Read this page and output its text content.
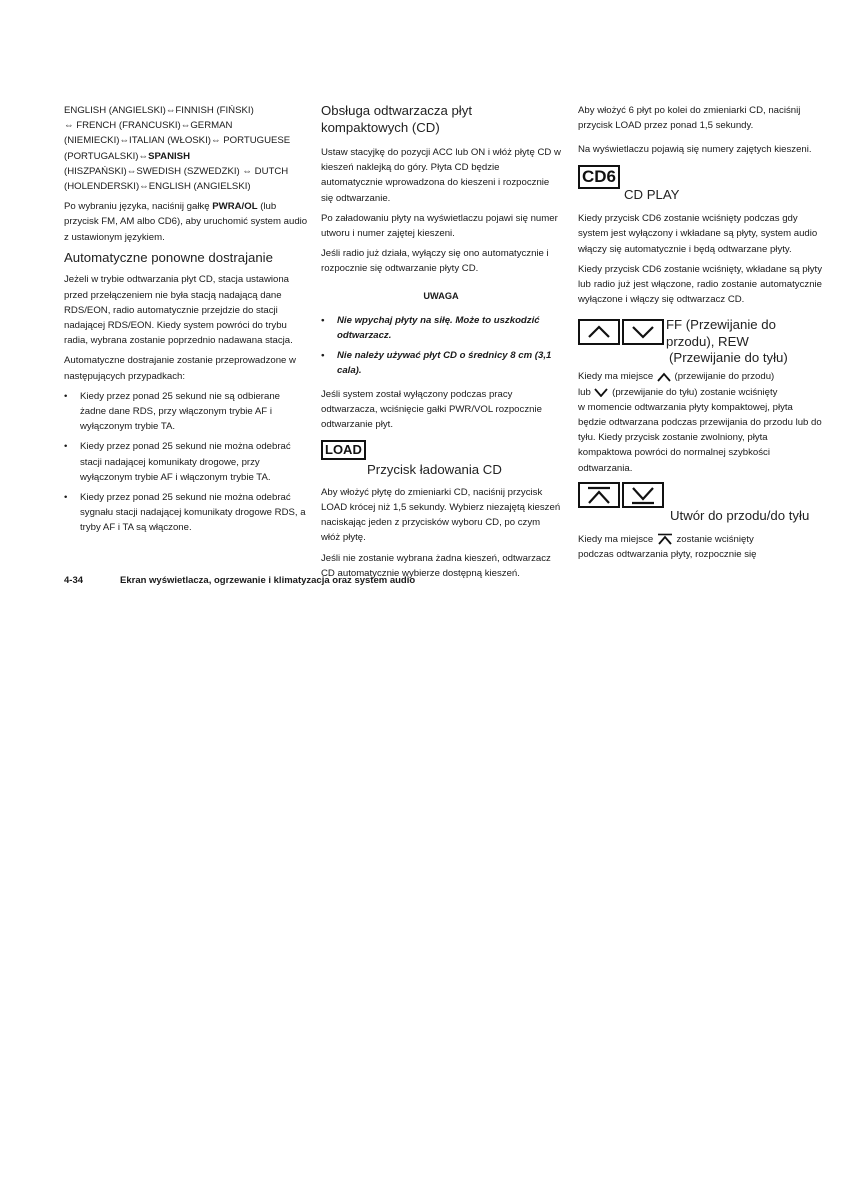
ENGLISH (ANGIELSKI)⇔FINNISH (FIŃSKI)
⇔ FRENCH (FRANCUSKI)⇔GERMAN
(NIEMIECKI)⇔ITALIAN (WŁOSKI)⇔ PORTUGUESE
(PORTUGALSKI)⇔SPANISH
(HISZPAŃSKI)⇔SWEDISH (SZWEDZKI) ⇔ DUTCH
(HOLENDERSKI)⇔ENGLISH (ANGIELSKI)

Po wybraniu języka, naciśnij gałkę PWRA/OL (lub przycisk FM, AM albo CD6), aby uruchomić system audio z ustawionym językiem.

Automatyczne ponowne dostrajanie

Jeżeli w trybie odtwarzania płyt CD, stacja ustawiona przed przełączeniem nie była stacją nadającą dane RDS/EON, radio automatycznie przejdzie do stacji nadającej RDS/EON. Kiedy system powróci do trybu radia, wybrana zostanie poprzednio nadawana stacja.

Automatyczne dostrajanie zostanie przeprowadzone w następujących przypadkach:

• Kiedy przez ponad 25 sekund nie są odbierane żadne dane RDS, przy włączonym trybie AF i wyłączonym trybie TA.
• Kiedy przez ponad 25 sekund nie można odebrać stacji nadającej komunikaty drogowe, przy wyłączonym trybie AF i włączonym trybie TA.
• Kiedy przez ponad 25 sekund nie można odebrać sygnału stacji nadającej komunikaty drogowe RDS, a tryby AF i TA są włączone.
Obsługa odtwarzacza płyt kompaktowych (CD)

Ustaw stacyjkę do pozycji ACC lub ON i włóż płytę CD w kieszeń naklejką do góry. Płyta CD będzie automatycznie wprowadzona do kieszeni i rozpocznie się odtwarzanie.

Po załadowaniu płyty na wyświetlaczu pojawi się numer utworu i numer zajętej kieszeni.

Jeśli radio już działa, wyłączy się ono automatycznie i rozpocznie się odtwarzanie płyty CD.

UWAGA
• Nie wpychaj płyty na siłę. Może to uszkodzić odtwarzacz.
• Nie należy używać płyt CD o średnicy 8 cm (3,1 cala).

Jeśli system został wyłączony podczas pracy odtwarzacza, wciśnięcie gałki PWR/VOL rozpocznie odtwarzanie płyt.

LOAD
Przycisk ładowania CD

Aby włożyć płytę do zmieniarki CD, naciśnij przycisk LOAD krócej niż 1,5 sekundy. Wybierz niezajętą kieszeń naciskając jeden z przycisków wyboru CD, po czym włóż płytę.

Jeśli nie zostanie wybrana żadna kieszeń, odtwarzacz CD automatycznie wybierze dostępną kieszeń.

Aby włożyć 6 płyt po kolei do zmieniarki CD, naciśnij przycisk LOAD przez ponad 1,5 sekundy.

Na wyświetlaczu pojawią się numery zajętych kieszeni.

CD6
CD PLAY

Kiedy przycisk CD6 zostanie wciśnięty podczas gdy system jest wyłączony i wkładane są płyty, system audio włączy się automatycznie i będą odtwarzane płyty.

Kiedy przycisk CD6 zostanie wciśnięty, wkładane są płyty lub radio już jest włączone, radio zostanie automatycznie wyłączone i włączy się odtwarzacz CD.

FF (Przewijanie do
przodu), REW
(Przewijanie do tyłu)

Kiedy ma miejsce  (przewijanie do przodu)
lub  (przewijanie do tyłu) zostanie wciśnięty
w momencie odtwarzania płyty kompaktowej, płyta będzie odtwarzana podczas przewijania do przodu lub do tyłu. Kiedy przycisk zostanie zwolniony, płyta kompaktowa powróci do normalnej szybkości odtwarzania.

Utwór do przodu/do tyłu

Kiedy ma miejsce  zostanie wciśnięty
podczas odtwarzania płyty, rozpocznie się

4-34	Ekran wyświetlacza, ogrzewanie i klimatyzacja oraz system audio
